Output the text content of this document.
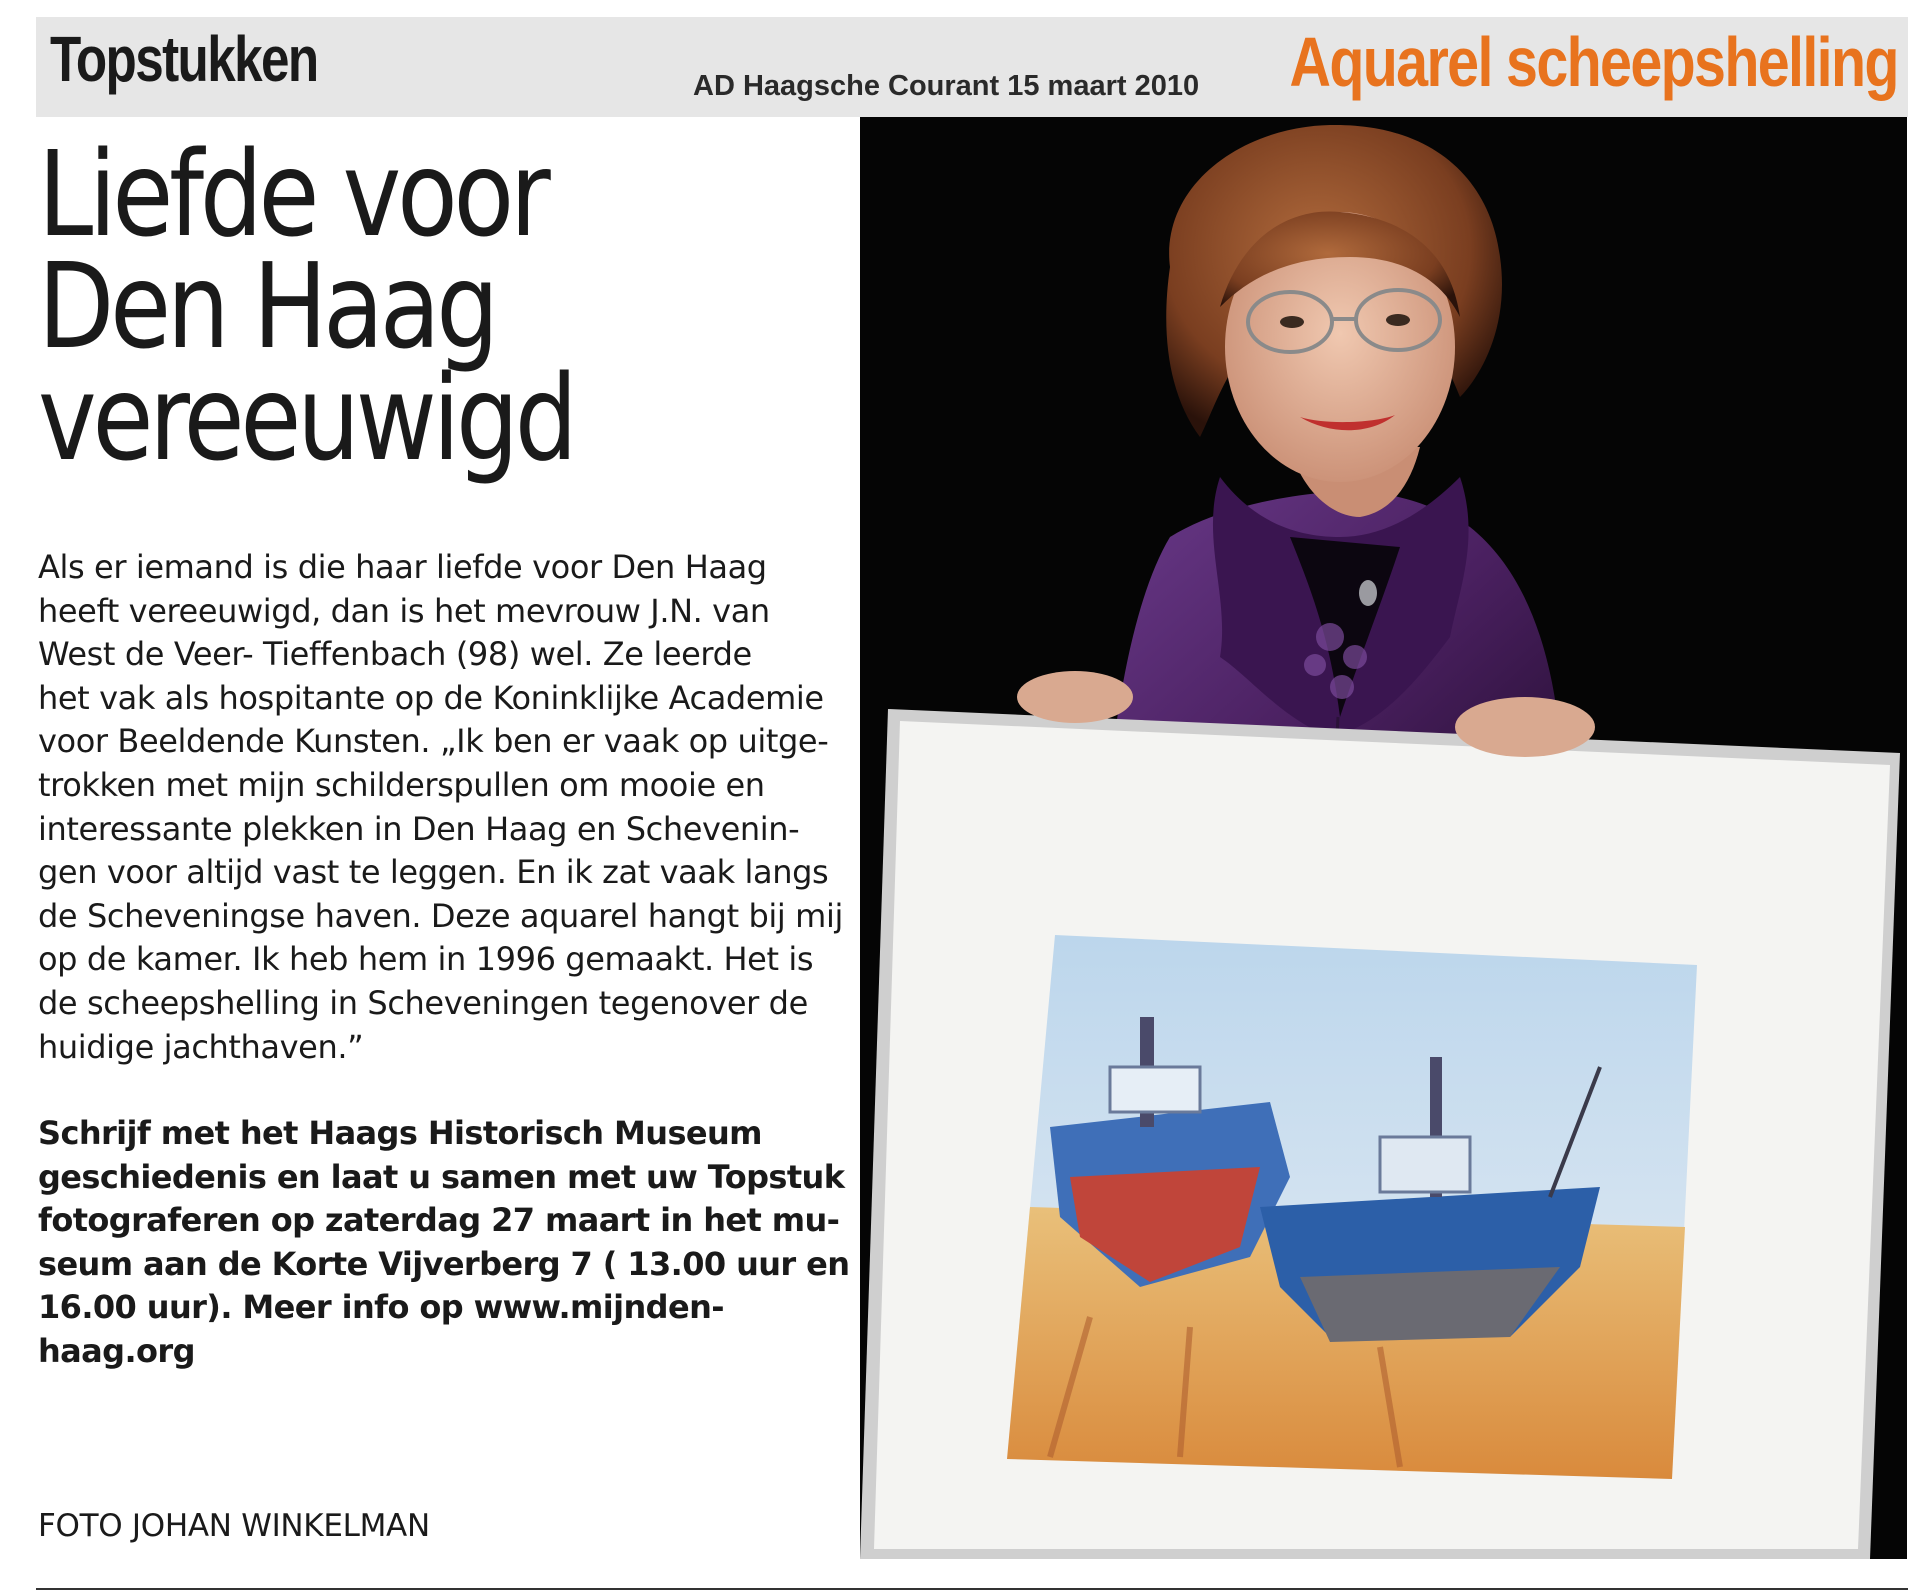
Topstukken	AD Haagsche Courant 15 maart 2010 Aquarel scheepshelling
Liefde voor
Den Haag
vereeuwigd
Als er iemand is die haar liefde voor Den Haag
heeft vereeuwigd, dan is het mevrouw J.N. van
West de Veer- Tieffenbach (98) wel. Ze leerde
het vak als hospitante op de Koninklijke Academie
voor Beeldende Kunsten. „Ik ben er vaak op uitge-
trokken met mijn schilderspullen om mooie en
interessante plekken in Den Haag en Schevenin-
gen voor altijd vast te leggen. En ik zat vaak langs
de Scheveningse haven. Deze aquarel hangt bij mij
op de kamer. Ik heb hem in 1996 gemaakt. Het is
de scheepshelling in Scheveningen tegenover de
huidige jachthaven.”
Schrijf met het Haags Historisch Museum
geschiedenis en laat u samen met uw Topstuk
fotograferen op zaterdag 27 maart in het mu-
seum aan de Korte Vijverberg 7 ( 13.00 uur en
16.00 uur). Meer info op www.mijnden-
haag.org
FOTO JOHAN WINKELMAN
